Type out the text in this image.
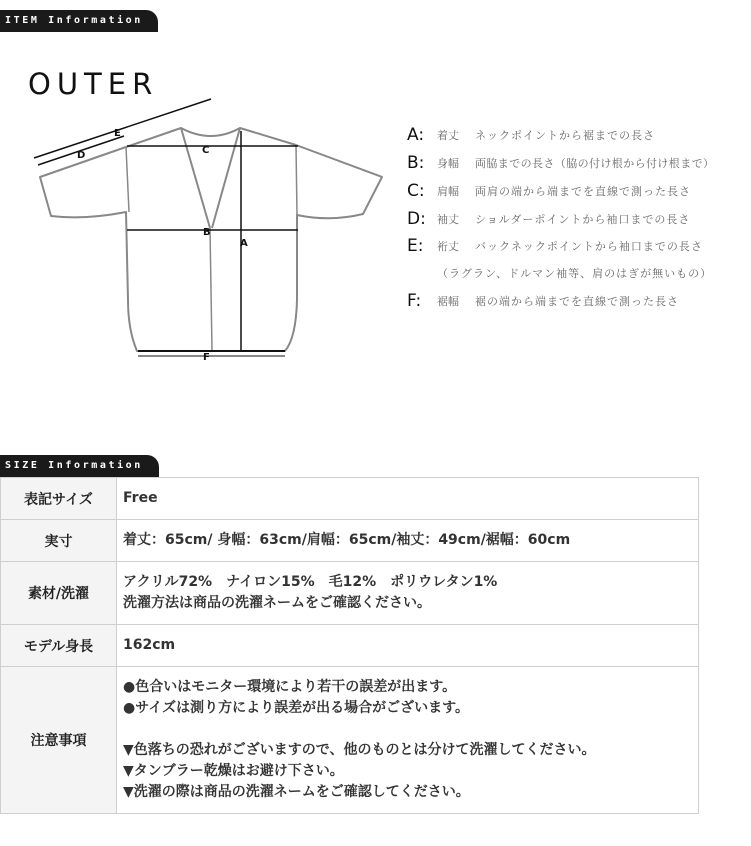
ITEM Information
OUTER
C
B
A
F
D
E	A: 着丈 ネックポイントから裾までの長さ
B: 身幅 両脇までの長さ（脇の付け根から付け根まで）
C: 肩幅 両肩の端から端までを直線で測った長さ
D: 袖丈 ショルダーポイントから袖口までの長さ
E: 裄丈 バックネックポイントから袖口までの長さ
（ラグラン、ドルマン袖等、肩のはぎが無いもの）
F: 裾幅 裾の端から端までを直線で測った長さ
SIZE Information
表記サイズ	Free
実寸	着丈：65cm/ 身幅：63cm/肩幅：65cm/袖丈：49cm/裾幅：60cm
素材/洗濯	アクリル72%　ナイロン15%　毛12%　ポリウレタン1%
洗濯方法は商品の洗濯ネームをご確認ください。

モデル身長	162cm
注意事項	●色合いはモニター環境により若干の誤差が出ます。
●サイズは測り方により誤差が出る場合がございます。
▼色落ちの恐れがございますので、他のものとは分けて洗濯してください。
▼タンブラー乾燥はお避け下さい。
▼洗濯の際は商品の洗濯ネームをご確認してください。
